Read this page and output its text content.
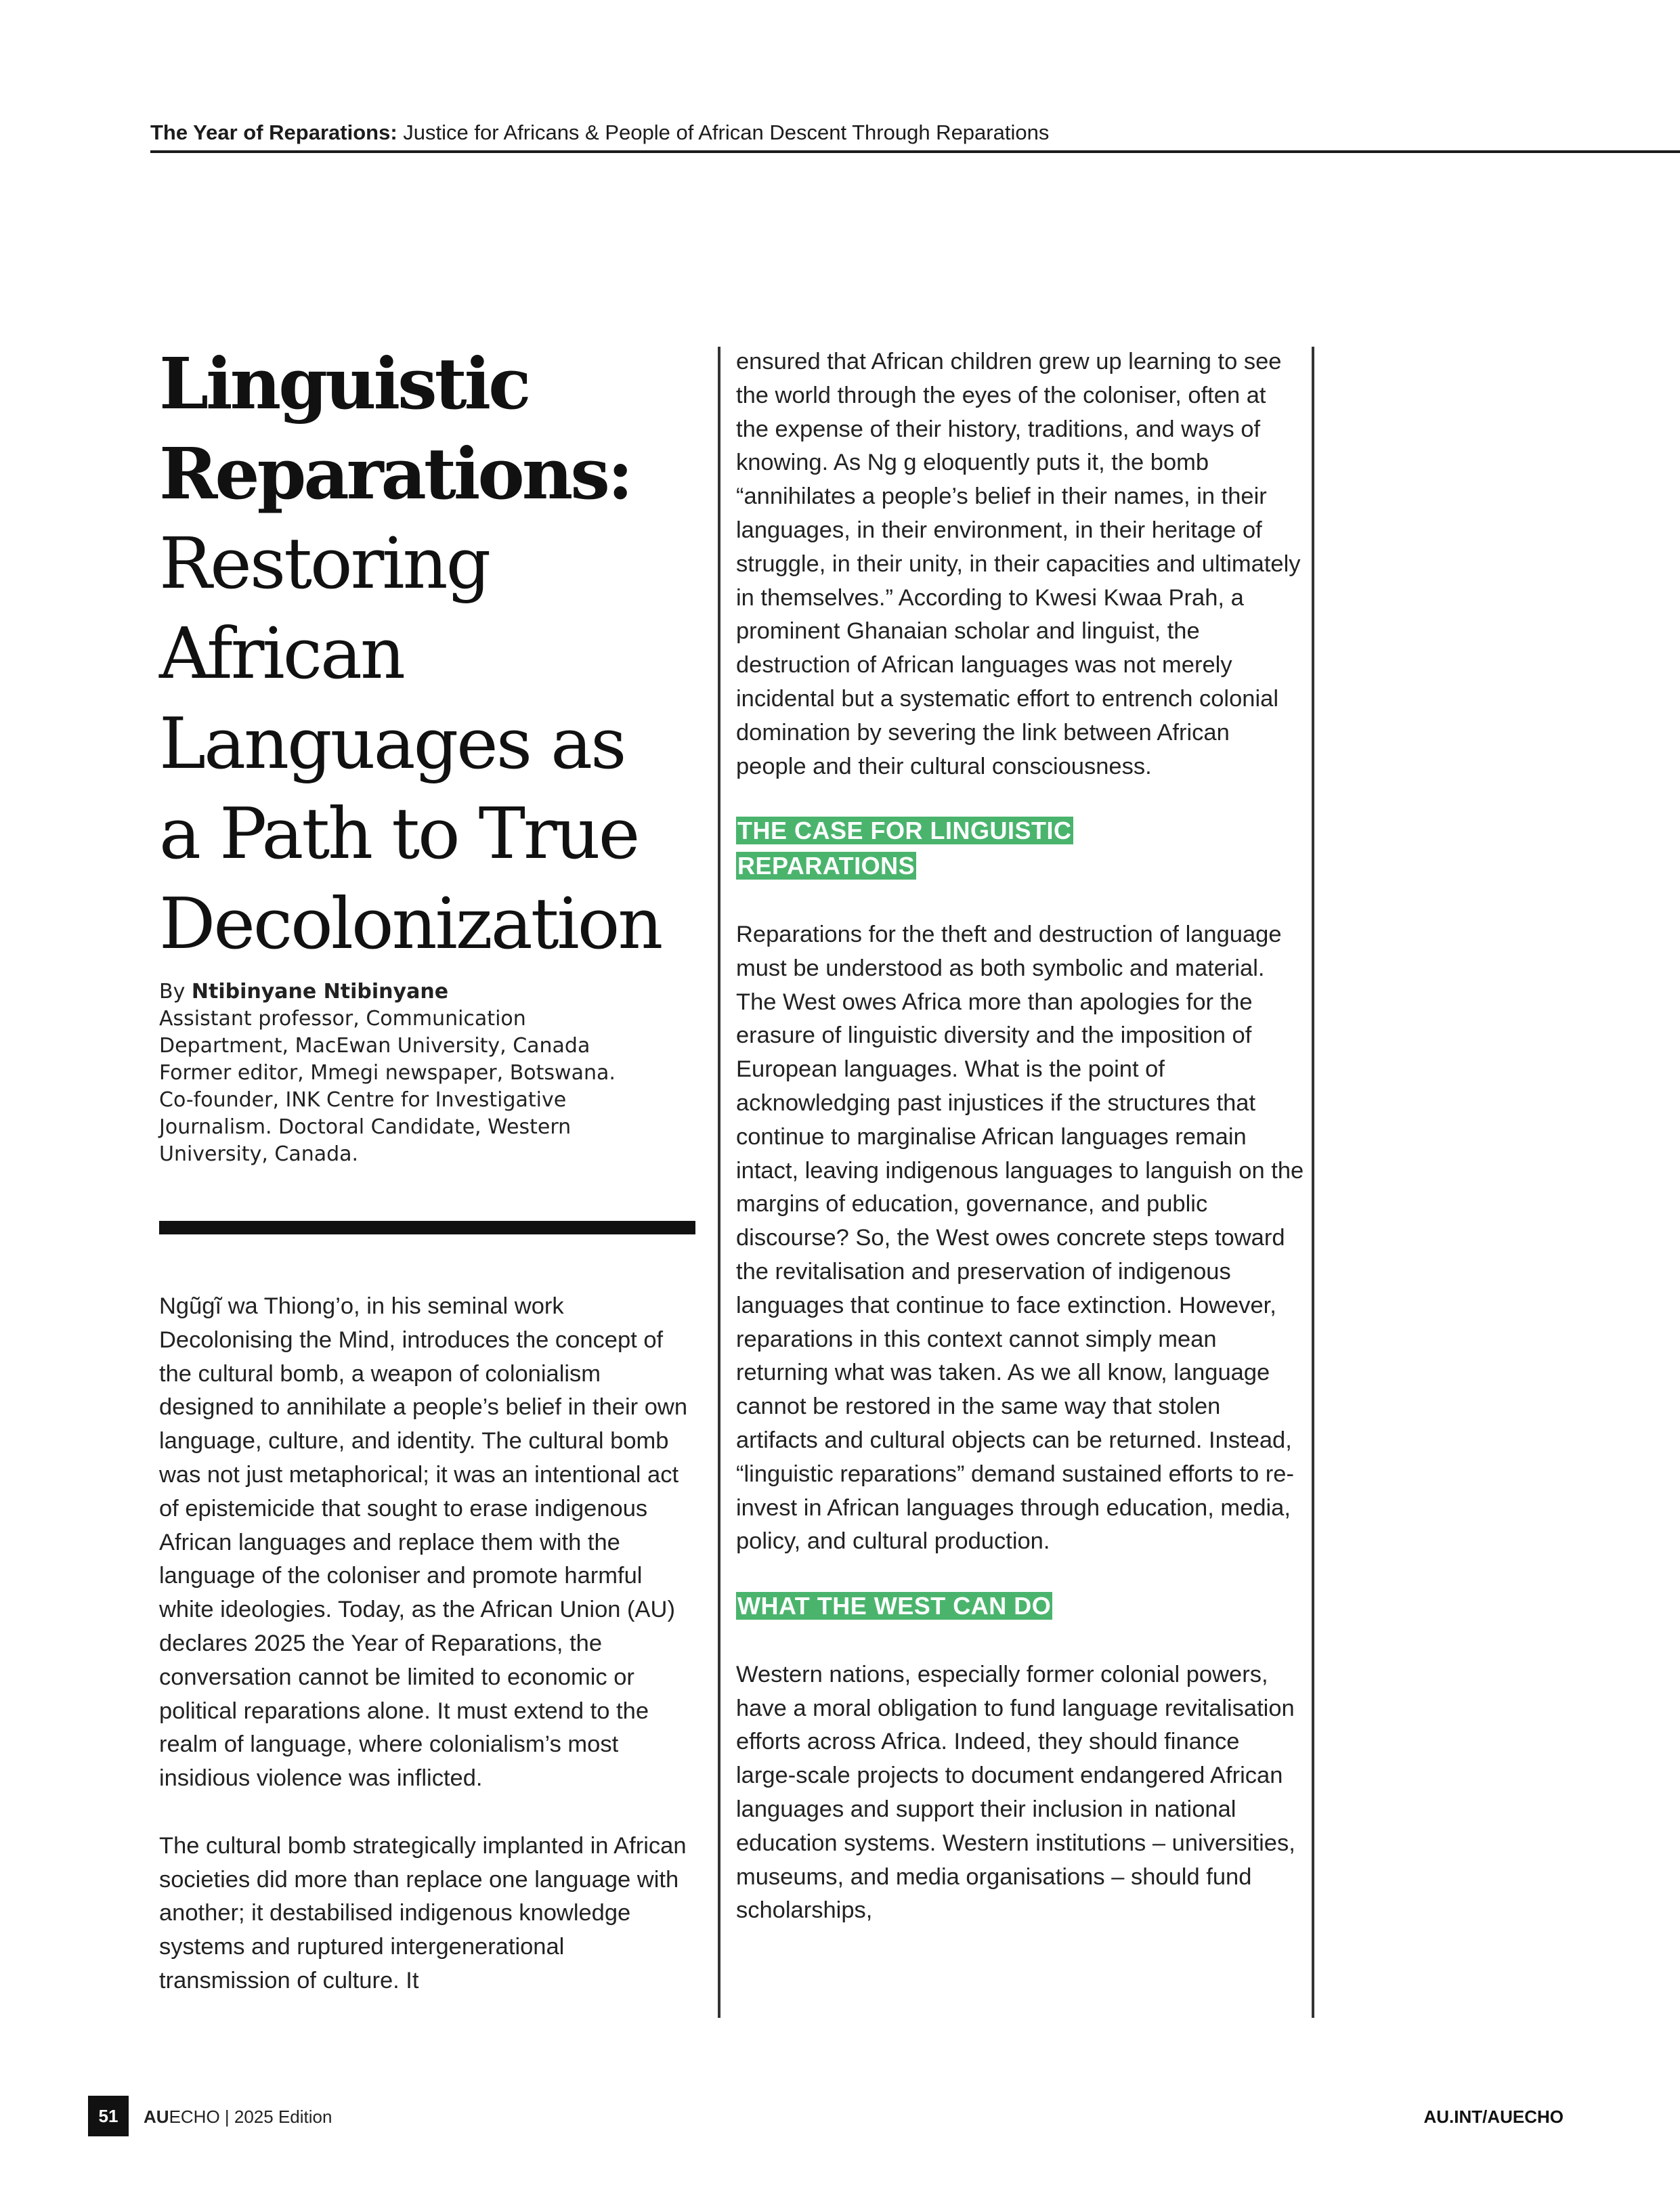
The Year of Reparations: Justice for Africans & People of African Descent Through Reparations
Linguistic
Reparations:
Restoring
African
Languages as
a Path to True
Decolonization
By Ntibinyane Ntibinyane
Assistant professor, Communication
Department, MacEwan University, Canada
Former editor, Mmegi newspaper, Botswana.
Co-founder, INK Centre for Investigative
Journalism. Doctoral Candidate, Western
University, Canada.

Ngũgĩ wa Thiong’o, in his seminal work Decolonising the Mind, introduces the concept of the cultural bomb, a weapon of colonialism designed to annihilate a people’s belief in their own language, culture, and identity. The cultural bomb was not just metaphorical; it was an intentional act of epistemicide that sought to erase indigenous African languages and replace them with the language of the coloniser and promote harmful white ideologies. Today, as the African Union (AU) declares 2025 the Year of Reparations, the conversation cannot be limited to economic or political reparations alone. It must extend to the realm of language, where colonialism’s most insidious violence was inflicted.

The cultural bomb strategically implanted in African societies did more than replace one language with another; it destabilised indigenous knowledge systems and ruptured intergenerational transmission of culture. It

ensured that African children grew up learning to see the world through the eyes of the coloniser, often at the expense of their history, traditions, and ways of knowing. As Ng g eloquently puts it, the bomb “annihilates a people’s belief in their names, in their languages, in their environment, in their heritage of struggle, in their unity, in their capacities and ultimately in themselves.” According to Kwesi Kwaa Prah, a prominent Ghanaian scholar and linguist, the destruction of African languages was not merely incidental but a systematic effort to entrench colonial domination by severing the link between African people and their cultural consciousness.

THE CASE FOR LINGUISTIC
REPARATIONS

Reparations for the theft and destruction of language must be understood as both symbolic and material. The West owes Africa more than apologies for the erasure of linguistic diversity and the imposition of European languages. What is the point of acknowledging past injustices if the structures that continue to marginalise African languages remain intact, leaving indigenous languages to languish on the margins of education, governance, and public discourse? So, the West owes concrete steps toward the revitalisation and preservation of indigenous languages that continue to face extinction. However, reparations in this context cannot simply mean returning what was taken. As we all know, language cannot be restored in the same way that stolen artifacts and cultural objects can be returned. Instead, “linguistic reparations” demand sustained efforts to re-invest in African languages through education, media, policy, and cultural production.

WHAT THE WEST CAN DO

Western nations, especially former colonial powers, have a moral obligation to fund language revitalisation efforts across Africa. Indeed, they should finance large-scale projects to document endangered African languages and support their inclusion in national education systems. Western institutions – universities, museums, and media organisations – should fund scholarships,

51	AUECHO | 2025 Edition	AU.INT/AUECHO
